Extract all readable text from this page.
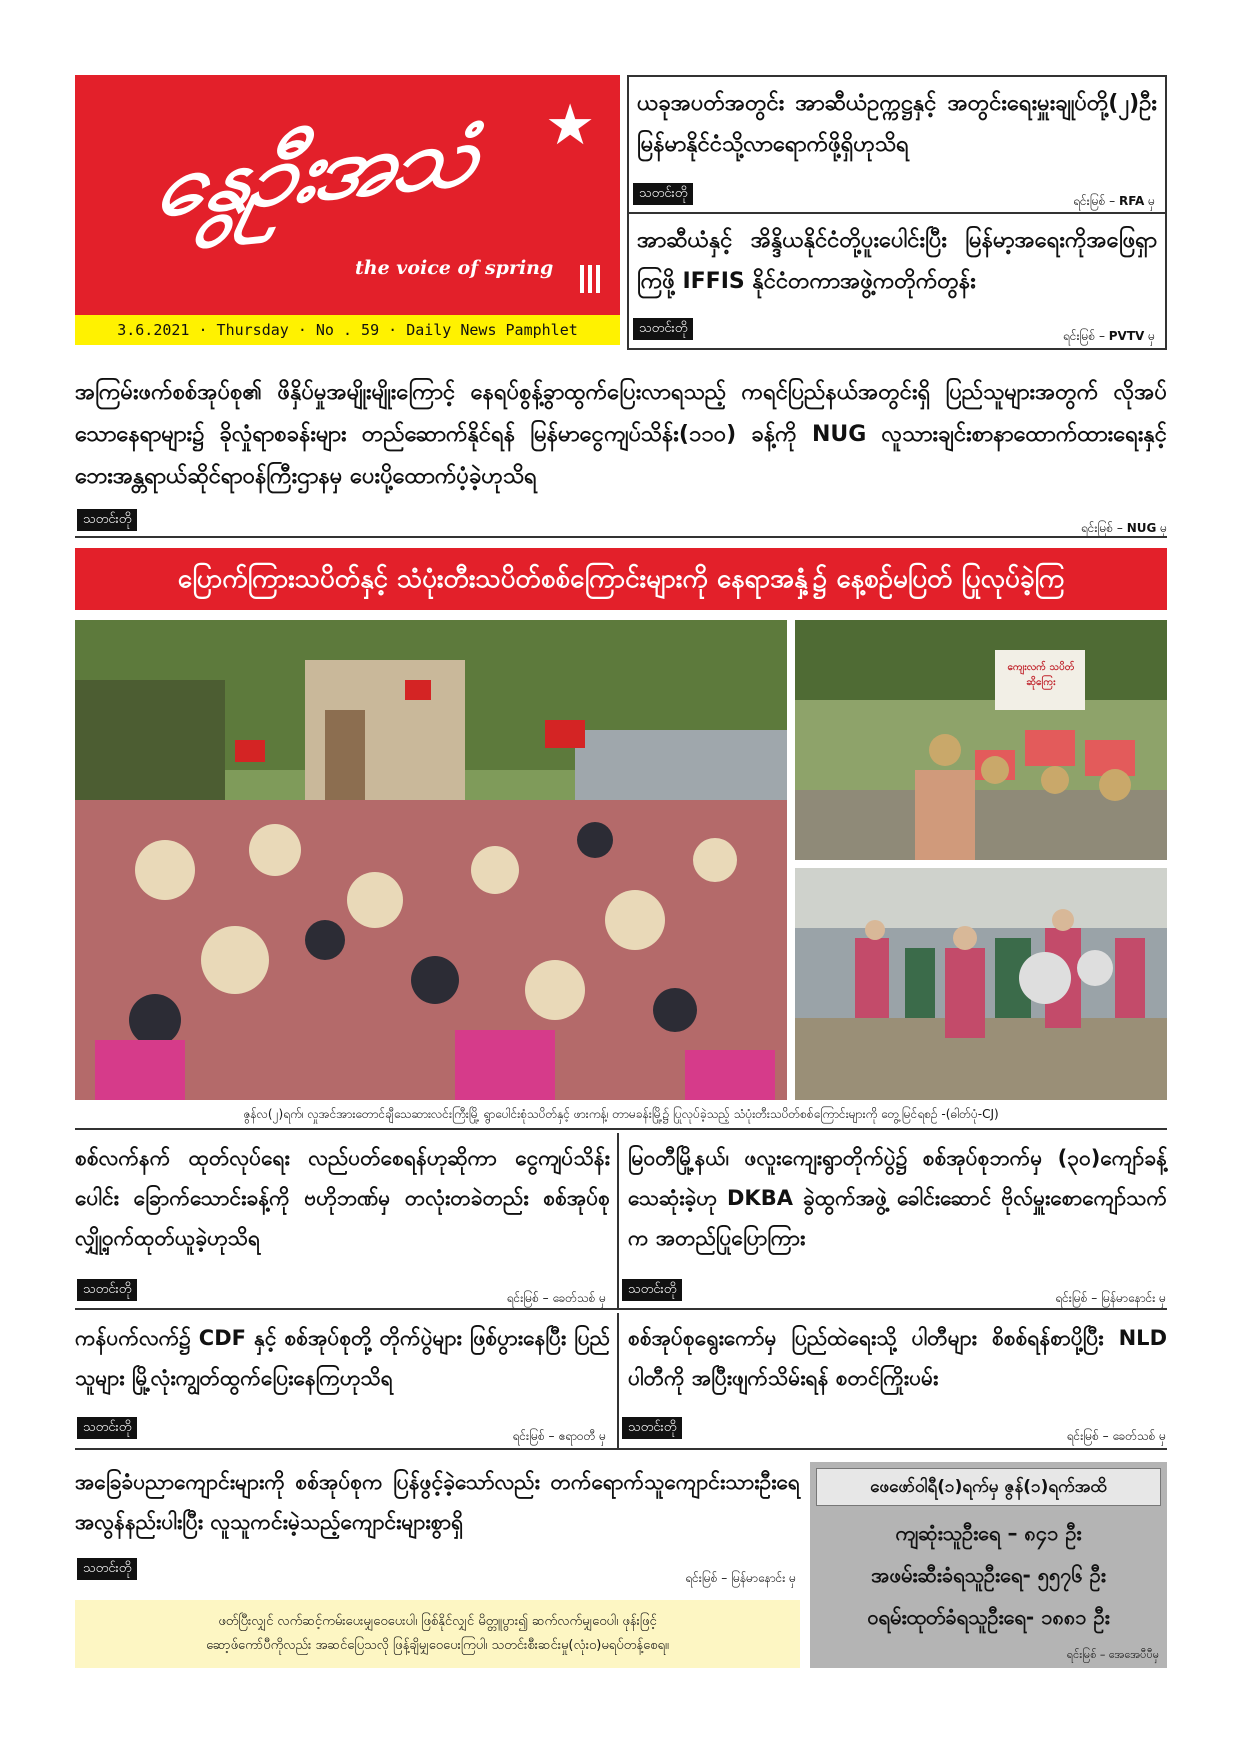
နွေဦးအသံ	★
the voice of spring
3.6.2021 · Thursday · No . 59 · Daily News Pamphlet
ယခုအပတ်အတွင်း အာဆီယံဥက္ကဋ္ဌနှင့် အတွင်းရေးမှူးချုပ်တို့(၂)ဦး မြန်မာနိုင်ငံသို့လာရောက်ဖို့ရှိဟုသိရ
သတင်းတို	ရင်းမြစ် – RFA မှ
အာဆီယံနှင့် အိန္ဒိယနိုင်ငံတို့ပူးပေါင်းပြီး မြန်မာ့အရေးကိုအဖြေရှာကြဖို့ IFFIS နိုင်ငံတကာအဖွဲ့ကတိုက်တွန်း
သတင်းတို	ရင်းမြစ် – PVTV မှ
အကြမ်းဖက်စစ်အုပ်စု၏ ဖိနှိပ်မှုအမျိုးမျိုးကြောင့် နေရပ်စွန့်ခွာထွက်ပြေးလာရသည့် ကရင်ပြည်နယ်အတွင်းရှိ ပြည်သူများအတွက် လိုအပ်သောနေရာများ၌ ခိုလှုံရာစခန်းများ တည်ဆောက်နိုင်ရန် မြန်မာငွေကျပ်သိန်း(၁၁၀) ခန့်ကို NUG လူသားချင်းစာနာထောက်ထားရေးနှင့်ဘေးအန္တရာယ်ဆိုင်ရာဝန်ကြီးဌာနမှ ပေးပို့ထောက်ပံ့ခဲ့ဟုသိရ
သတင်းတို
ရင်းမြစ် – NUG မှ
ပြောက်ကြားသပိတ်နှင့် သံပုံးတီးသပိတ်စစ်ကြောင်းများကို နေရာအနှံ့၌ နေ့စဉ်မပြတ် ပြုလုပ်ခဲ့ကြ
ကျေးလက် သပိတ် ဆိုကြေး
ဇွန်လ(၂)ရက်၊ လှုအင်အားတောင်ချီသေဆားလင်းကြီးမြို့ ရွာပေါင်းစုံသပိတ်နှင့် ဖားကန့်၊ တာမခန်းမြို့၌ ပြုလုပ်ခဲ့သည့် သံပုံးတီးသပိတ်စစ်ကြောင်းများကို တွေ့မြင်ရစဉ် -(ဓါတ်ပုံ-CJ)
စစ်လက်နက် ထုတ်လုပ်ရေး လည်ပတ်စေရန်ဟုဆိုကာ ငွေကျပ်သိန်းပေါင်း ခြောက်သောင်းခန့်ကို ဗဟိုဘဏ်မှ တလုံးတခဲတည်း စစ်အုပ်စု လျှို့ဝှက်ထုတ်ယူခဲ့ဟုသိရ
သတင်းတို
ရင်းမြစ် – ခေတ်သစ် မှ
မြဝတီမြို့နယ်၊ ဖလူးကျေးရွာတိုက်ပွဲ၌ စစ်အုပ်စုဘက်မှ (၃၀)ကျော်ခန့် သေဆုံးခဲ့ဟု DKBA ခွဲထွက်အဖွဲ့ ခေါင်းဆောင် ဗိုလ်မှူးစောကျော်သက်က အတည်ပြုပြောကြား
သတင်းတို
ရင်းမြစ် – မြန်မာနောင်း မှ
ကန်ပက်လက်၌ CDF နှင့် စစ်အုပ်စုတို့ တိုက်ပွဲများ ဖြစ်ပွားနေပြီး ပြည်သူများ မြို့လုံးကျွတ်ထွက်ပြေးနေကြဟုသိရ
သတင်းတို
ရင်းမြစ် – ဧရာဝတီ မှ
စစ်အုပ်စုရွေးကော်မှ ပြည်ထဲရေးသို့ ပါတီများ စိစစ်ရန်စာပို့ပြီး NLD ပါတီကို အပြီးဖျက်သိမ်းရန် စတင်ကြိုးပမ်း
သတင်းတို
ရင်းမြစ် – ခေတ်သစ် မှ
အခြေခံပညာကျောင်းများကို စစ်အုပ်စုက ပြန်ဖွင့်ခဲ့သော်လည်း တက်ရောက်သူကျောင်းသားဦးရေ အလွန်နည်းပါးပြီး လူသူကင်းမဲ့သည့်ကျောင်းများစွာရှိ
သတင်းတို
ရင်းမြစ် – မြန်မာနောင်း မှ
ဖေဖော်ဝါရီ(၁)ရက်မှ ဇွန်(၁)ရက်အထိ
ကျဆုံးသူဦးရေ – ၈၄၁ ဦး
အဖမ်းဆီးခံရသူဦးရေ- ၅၅၇၆ ဦး
ဝရမ်းထုတ်ခံရသူဦးရေ- ၁၈၈၁ ဦး
ရင်းမြစ် – အေအေပီပီမှ
ဖတ်ပြီးလျှင် လက်ဆင့်ကမ်းပေးမျှဝေပေးပါ၊ ဖြစ်နိုင်လျှင် မိတ္တူပွား၍ ဆက်လက်မျှဝေပါ၊ ဖုန်းဖြင့်
ဆော့ဖ်ကော်ပီကိုလည်း အဆင်ပြေသလို ဖြန့်ချိမျှဝေပေးကြပါ၊ သတင်းစီးဆင်းမှု(လုံး၀)မရပ်တန့်စေရ။
